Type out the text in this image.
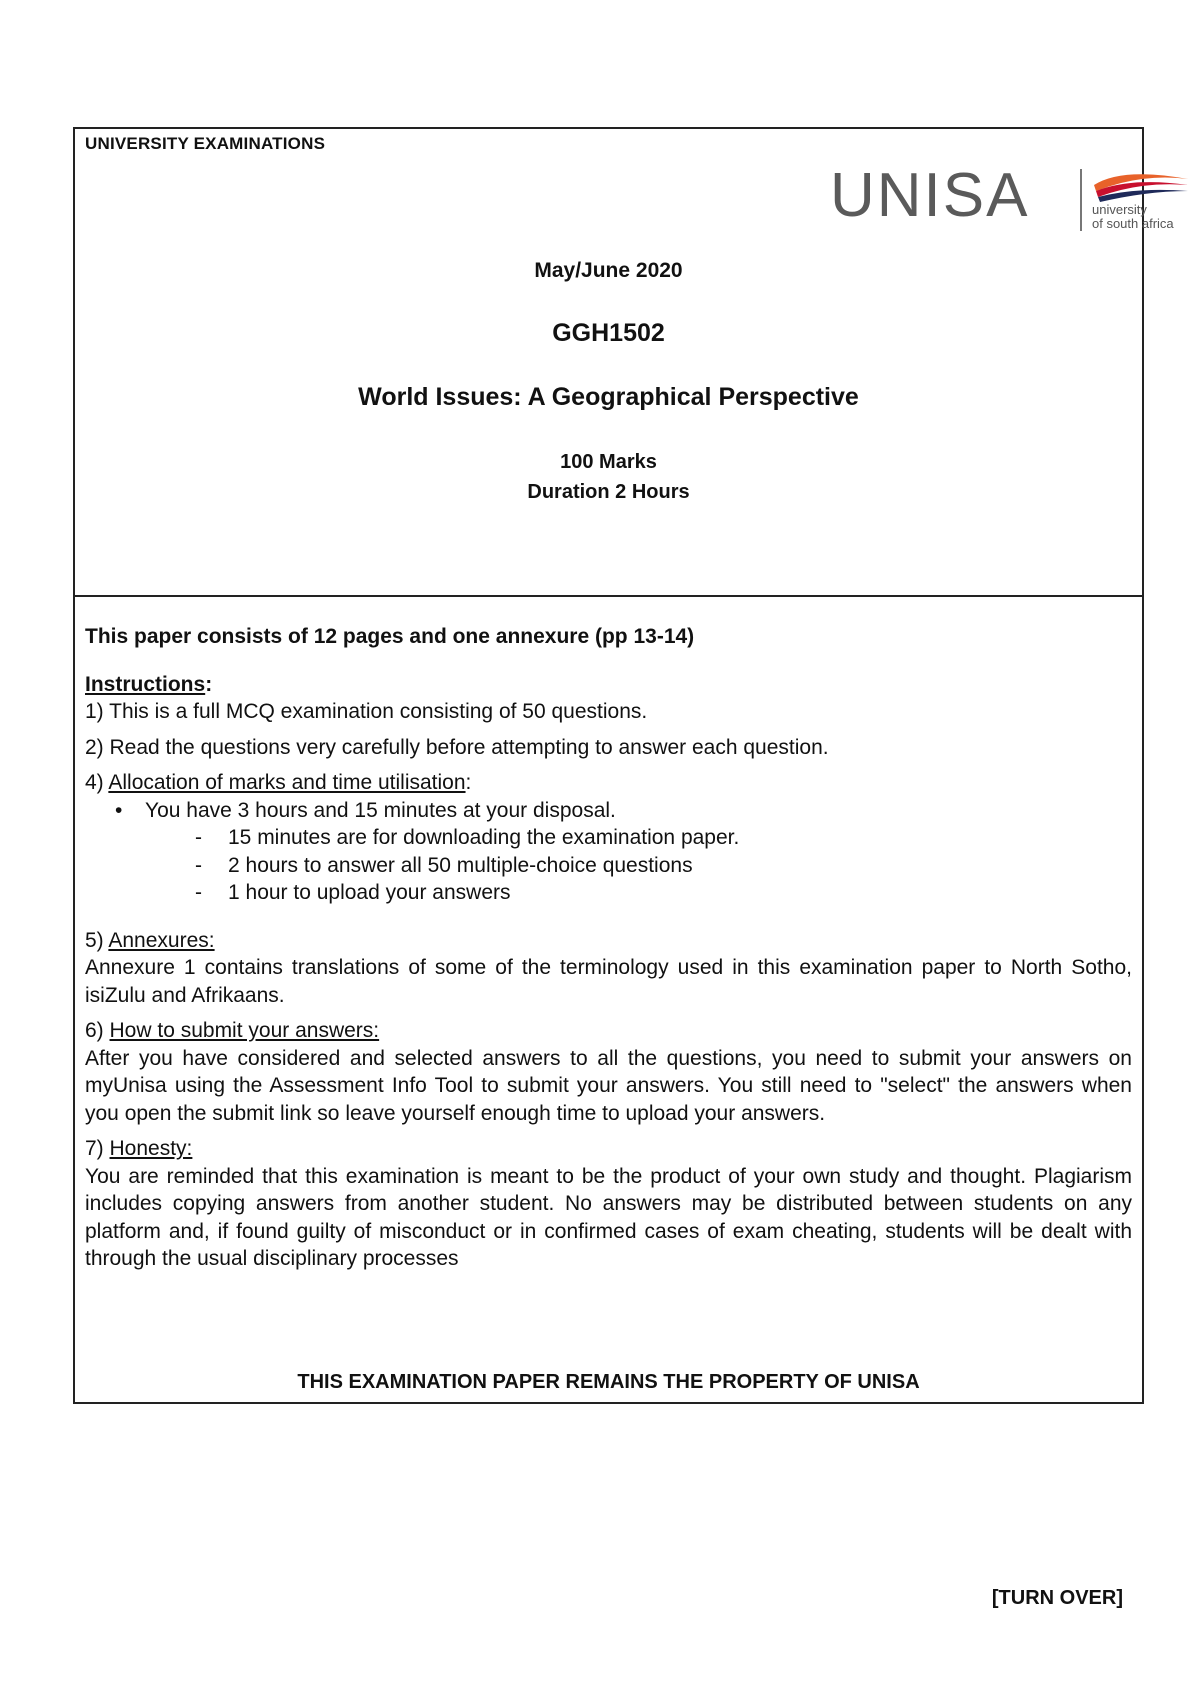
UNIVERSITY EXAMINATIONS
UNISA	university
of south africa
May/June 2020
GGH1502
World Issues: A Geographical Perspective
100 Marks
Duration 2 Hours

This paper consists of 12 pages and one annexure (pp 13-14)

Instructions:

1) This is a full MCQ examination consisting of 50 questions.

2) Read the questions very carefully before attempting to answer each question.

4) Allocation of marks and time utilisation:

• You have 3 hours and 15 minutes at your disposal.

- 15 minutes are for downloading the examination paper.

- 2 hours to answer all 50 multiple-choice questions

- 1 hour to upload your answers

5) Annexures:

Annexure 1 contains translations of some of the terminology used in this examination paper to North Sotho, isiZulu and Afrikaans.

6) How to submit your answers:

After you have considered and selected answers to all the questions, you need to submit your answers on myUnisa using the Assessment Info Tool to submit your answers. You still need to "select" the answers when you open the submit link so leave yourself enough time to upload your answers.

7) Honesty:

You are reminded that this examination is meant to be the product of your own study and thought. Plagiarism includes copying answers from another student. No answers may be distributed between students on any platform and, if found guilty of misconduct or in confirmed cases of exam cheating, students will be dealt with through the usual disciplinary processes

THIS EXAMINATION PAPER REMAINS THE PROPERTY OF UNISA
[TURN OVER]
